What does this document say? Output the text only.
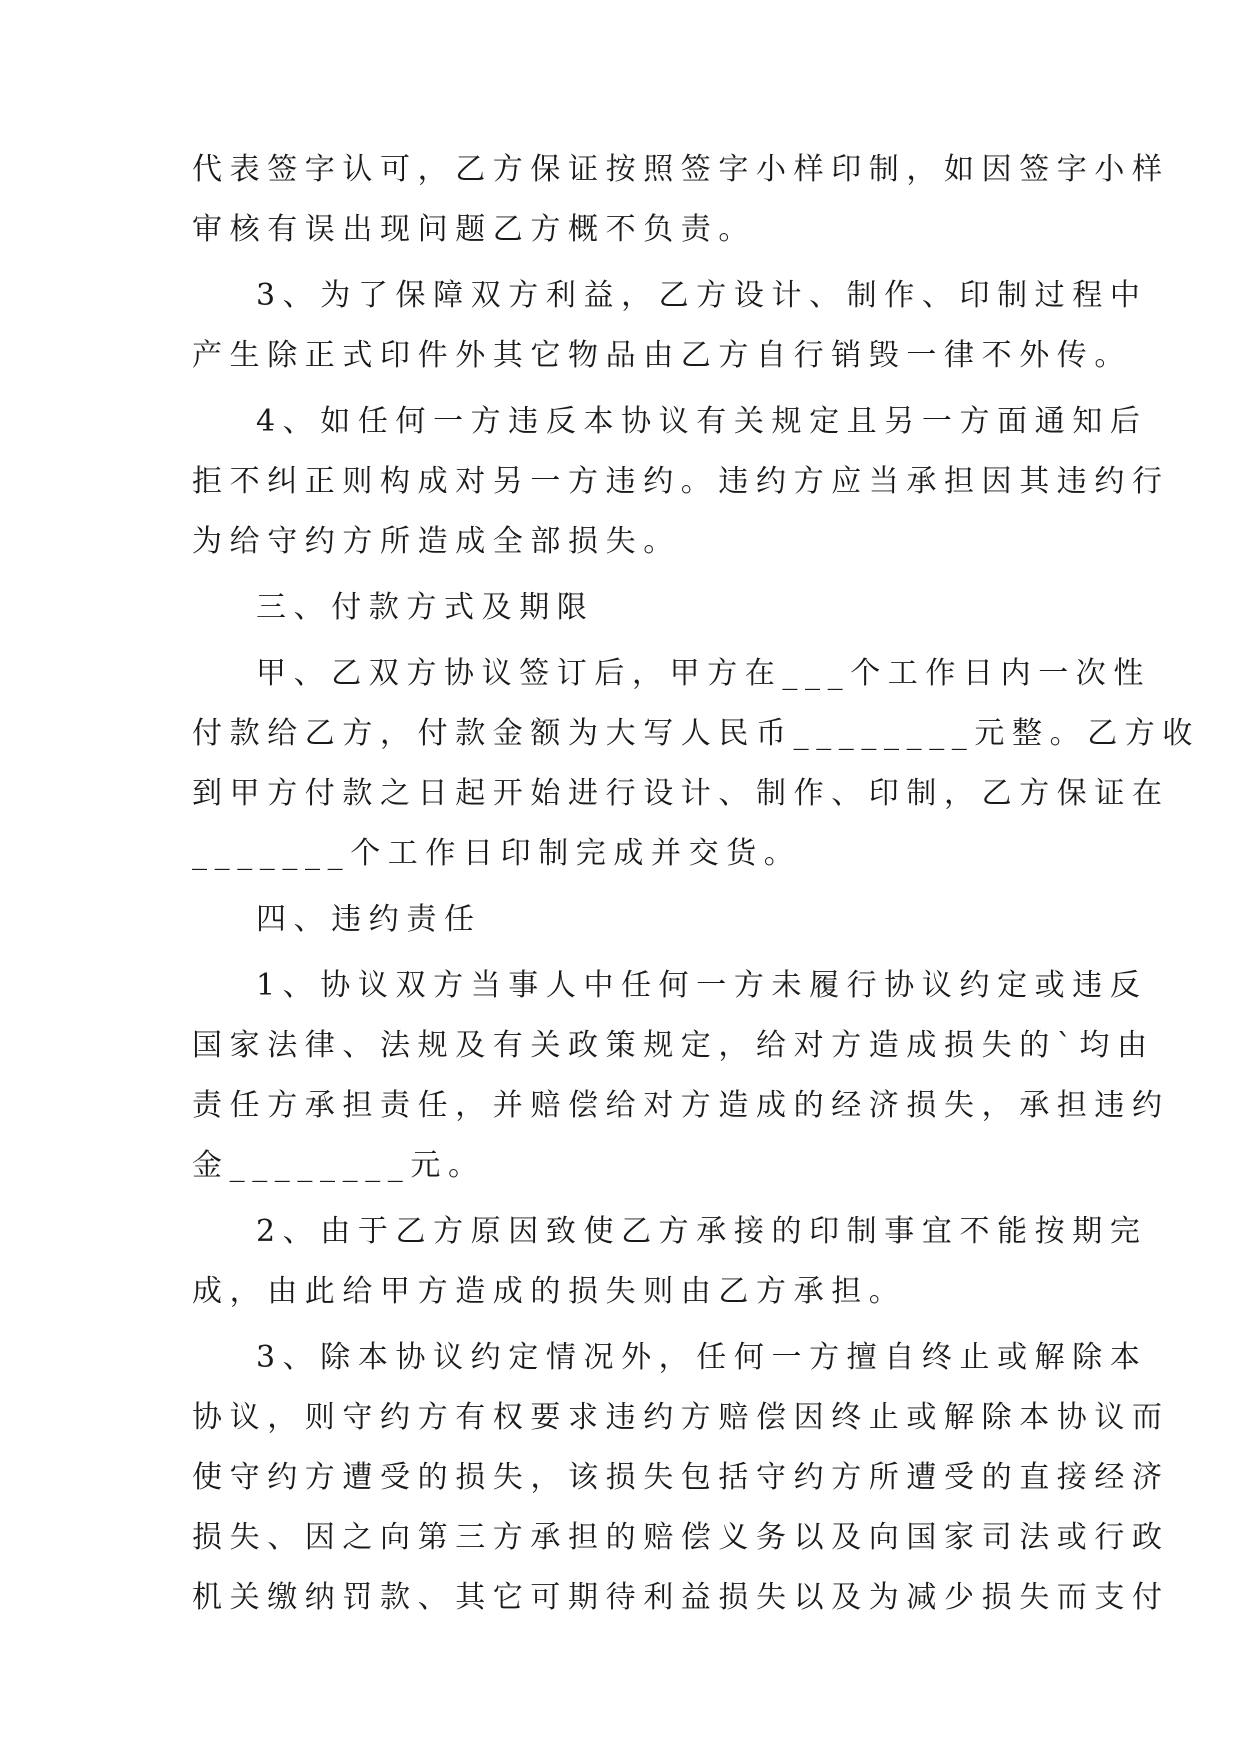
代表签字认可，乙方保证按照签字小样印制，如因签字小样
审核有误出现问题乙方概不负责。
3、为了保障双方利益，乙方设计、制作、印制过程中
产生除正式印件外其它物品由乙方自行销毁一律不外传。
4、如任何一方违反本协议有关规定且另一方面通知后
拒不纠正则构成对另一方违约。违约方应当承担因其违约行
为给守约方所造成全部损失。
三、付款方式及期限
甲、乙双方协议签订后，甲方在___个工作日内一次性
付款给乙方，付款金额为大写人民币________元整。乙方收
到甲方付款之日起开始进行设计、制作、印制，乙方保证在
_______个工作日印制完成并交货。
四、违约责任
1、协议双方当事人中任何一方未履行协议约定或违反
国家法律、法规及有关政策规定，给对方造成损失的`均由
责任方承担责任，并赔偿给对方造成的经济损失，承担违约
金________元。
2、由于乙方原因致使乙方承接的印制事宜不能按期完
成，由此给甲方造成的损失则由乙方承担。
3、除本协议约定情况外，任何一方擅自终止或解除本
协议，则守约方有权要求违约方赔偿因终止或解除本协议而
使守约方遭受的损失，该损失包括守约方所遭受的直接经济
损失、因之向第三方承担的赔偿义务以及向国家司法或行政
机关缴纳罚款、其它可期待利益损失以及为减少损失而支付
